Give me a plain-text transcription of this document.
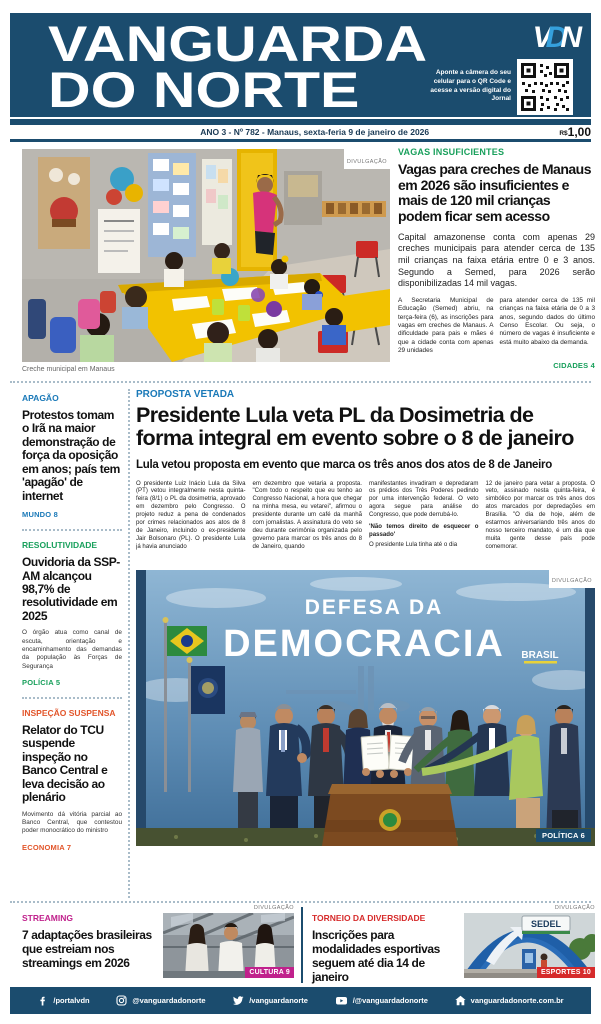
VANGUARDA
DO NORTE
VDN
Aponte a câmera do seu celular para o QR Code e acesse a versão digital do Jornal
ANO 3 - Nº 782 - Manaus, sexta-feria 9 de janeiro de 2026	R$1,00
DIVULGAÇÃO
Creche municipal em Manaus
VAGAS INSUFICIENTES
Vagas para creches de Manaus em 2026 são insuficientes e mais de 120 mil crianças podem ficar sem acesso
Capital amazonense conta com apenas 29 creches municipais para atender cerca de 135 mil crianças na faixa etária entre 0 e 3 anos. Segundo a Semed, para 2026 serão disponibilizadas 14 mil vagas.
A Secretaria Municipal de Educação (Semed) abriu, na terça-feira (6), as inscrições para vagas em creches de Manaus. A dificuldade para pais e mães é que a cidade conta com apenas 29 unidades
para atender cerca de 135 mil crianças na faixa etária de 0 a 3 anos, segundo dados do último Censo Escolar. Ou seja, o número de vagas é insuficiente e está muito abaixo da demanda.
CIDADES 4
APAGÃO
Protestos tomam o Irã na maior demonstração de força da oposição em anos; país tem 'apagão' de internet
MUNDO 8
RESOLUTIVIDADE
Ouvidoria da SSP-AM alcançou 98,7% de resolutividade em 2025
O órgão atua como canal de escuta, orientação e encaminhamento das demandas da população às Forças de Segurança
POLÍCIA 5
INSPEÇÃO SUSPENSA
Relator do TCU suspende inspeção no Banco Central e leva decisão ao plenário
Movimento dá vitória parcial ao Banco Central, que contestou poder monocrático do ministro
ECONOMIA 7
PROPOSTA VETADA
Presidente Lula veta PL da Dosimetria de forma integral em evento sobre o 8 de janeiro
Lula vetou proposta em evento que marca os três anos dos atos de 8 de Janeiro
O presidente Luiz Inácio Lula da Silva (PT) vetou integralmente nesta quinta-feira (8/1) o PL da dosimetria, aprovado em dezembro pelo Congresso. O projeto reduz a pena de condenados por crimes relacionados aos atos de 8 de Janeiro, incluindo o ex-presidente Jair Bolsonaro (PL). O presidente Lula já havia anunciado
em dezembro que vetaria a proposta. "Com todo o respeito que eu tenho ao Congresso Nacional, a hora que chegar na minha mesa, eu vetarei", afirmou o presidente durante um café da manhã com jornalistas. A assinatura do veto se deu durante cerimônia organizada pelo governo para marcar os três anos do 8 de Janeiro, quando
manifestantes invadiram e depredaram os prédios dos Três Poderes pedindo por uma intervenção federal. O veto agora segue para análise do Congresso, que pode derrubá-lo.
'Não temos direito de esquecer o passado'
O presidente Lula tinha até o dia
12 de janeiro para vetar a proposta. O veto, assinado nesta quinta-feira, é simbólico por marcar os três anos dos atos marcados por depredações em Brasília. "O dia de hoje, além de estarmos aniversariando três anos do nosso terceiro mandato, é um dia que muita gente desse país pode comemorar.
DIVULGAÇÃO
DEFESA DA
DEMOCRACIA BRASIL
POLÍTICA 6
STREAMING
7 adaptações brasileiras que estreiam nos streamings em 2026
DIVULGAÇÃO
CULTURA 9
TORNEIO DA DIVERSIDADE
Inscrições para modalidades esportivas seguem até dia 14 de janeiro
DIVULGAÇÃO
SEDEL
ESPORTES 10
/portalvdn	@vanguardadonorte	/vanguardanorte	/@vanguardadonorte	vanguardadonorte.com.br
